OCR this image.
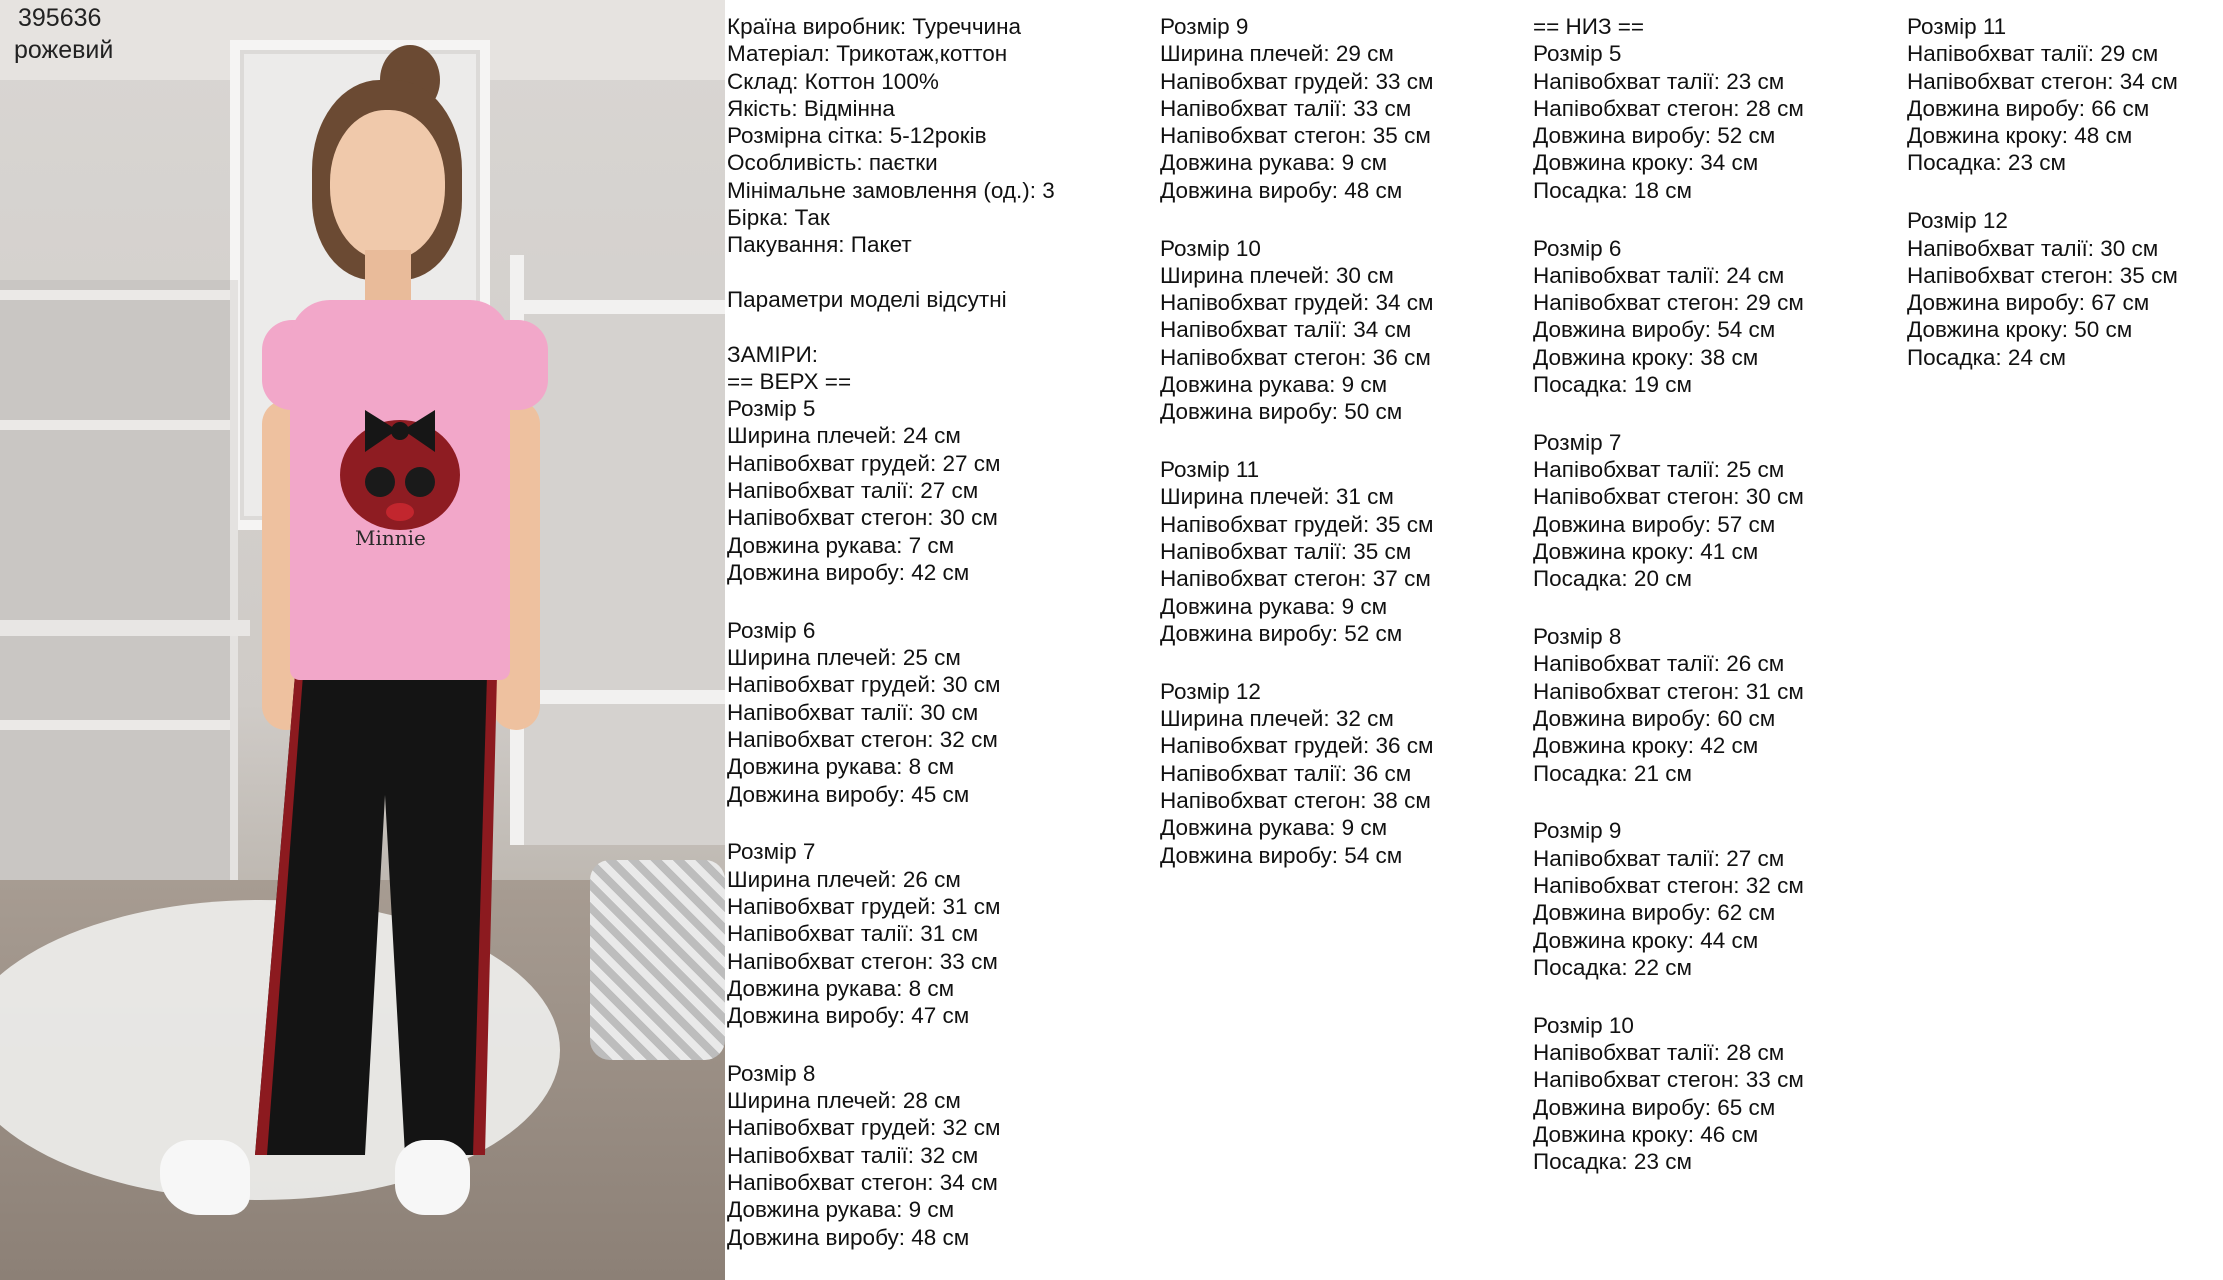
Minnie
395636
рожевий
Країна виробник: Туреччина
Матеріал: Трикотаж,коттон
Склад: Коттон 100%
Якість: Відмінна
Розмірна сітка: 5-12років
Особливість: паєтки
Мінімальне замовлення (од.): 3
Бірка: Так
Пакування: Пакет
Параметри моделі відсутні
ЗАМІРИ:
== ВЕРХ ==
Розмір 5
Ширина плечей: 24 см
Напівобхват грудей: 27 см
Напівобхват талії: 27 см
Напівобхват стегон: 30 см
Довжина рукава: 7 см
Довжина виробу: 42 см
Розмір 6
Ширина плечей: 25 см
Напівобхват грудей: 30 см
Напівобхват талії: 30 см
Напівобхват стегон: 32 см
Довжина рукава: 8 см
Довжина виробу: 45 см
Розмір 7
Ширина плечей: 26 см
Напівобхват грудей: 31 см
Напівобхват талії: 31 см
Напівобхват стегон: 33 см
Довжина рукава: 8 см
Довжина виробу: 47 см
Розмір 8
Ширина плечей: 28 см
Напівобхват грудей: 32 см
Напівобхват талії: 32 см
Напівобхват стегон: 34 см
Довжина рукава: 9 см
Довжина виробу: 48 см
Розмір 9
Ширина плечей: 29 см
Напівобхват грудей: 33 см
Напівобхват талії: 33 см
Напівобхват стегон: 35 см
Довжина рукава: 9 см
Довжина виробу: 48 см
Розмір 10
Ширина плечей: 30 см
Напівобхват грудей: 34 см
Напівобхват талії: 34 см
Напівобхват стегон: 36 см
Довжина рукава: 9 см
Довжина виробу: 50 см
Розмір 11
Ширина плечей: 31 см
Напівобхват грудей: 35 см
Напівобхват талії: 35 см
Напівобхват стегон: 37 см
Довжина рукава: 9 см
Довжина виробу: 52 см
Розмір 12
Ширина плечей: 32 см
Напівобхват грудей: 36 см
Напівобхват талії: 36 см
Напівобхват стегон: 38 см
Довжина рукава: 9 см
Довжина виробу: 54 см
== НИЗ ==
Розмір 5
Напівобхват талії: 23 см
Напівобхват стегон: 28 см
Довжина виробу: 52 см
Довжина кроку: 34 см
Посадка: 18 см
Розмір 6
Напівобхват талії: 24 см
Напівобхват стегон: 29 см
Довжина виробу: 54 см
Довжина кроку: 38 см
Посадка: 19 см
Розмір 7
Напівобхват талії: 25 см
Напівобхват стегон: 30 см
Довжина виробу: 57 см
Довжина кроку: 41 см
Посадка: 20 см
Розмір 8
Напівобхват талії: 26 см
Напівобхват стегон: 31 см
Довжина виробу: 60 см
Довжина кроку: 42 см
Посадка: 21 см
Розмір 9
Напівобхват талії: 27 см
Напівобхват стегон: 32 см
Довжина виробу: 62 см
Довжина кроку: 44 см
Посадка: 22 см
Розмір 10
Напівобхват талії: 28 см
Напівобхват стегон: 33 см
Довжина виробу: 65 см
Довжина кроку: 46 см
Посадка: 23 см
Розмір 11
Напівобхват талії: 29 см
Напівобхват стегон: 34 см
Довжина виробу: 66 см
Довжина кроку: 48 см
Посадка: 23 см
Розмір 12
Напівобхват талії: 30 см
Напівобхват стегон: 35 см
Довжина виробу: 67 см
Довжина кроку: 50 см
Посадка: 24 см
